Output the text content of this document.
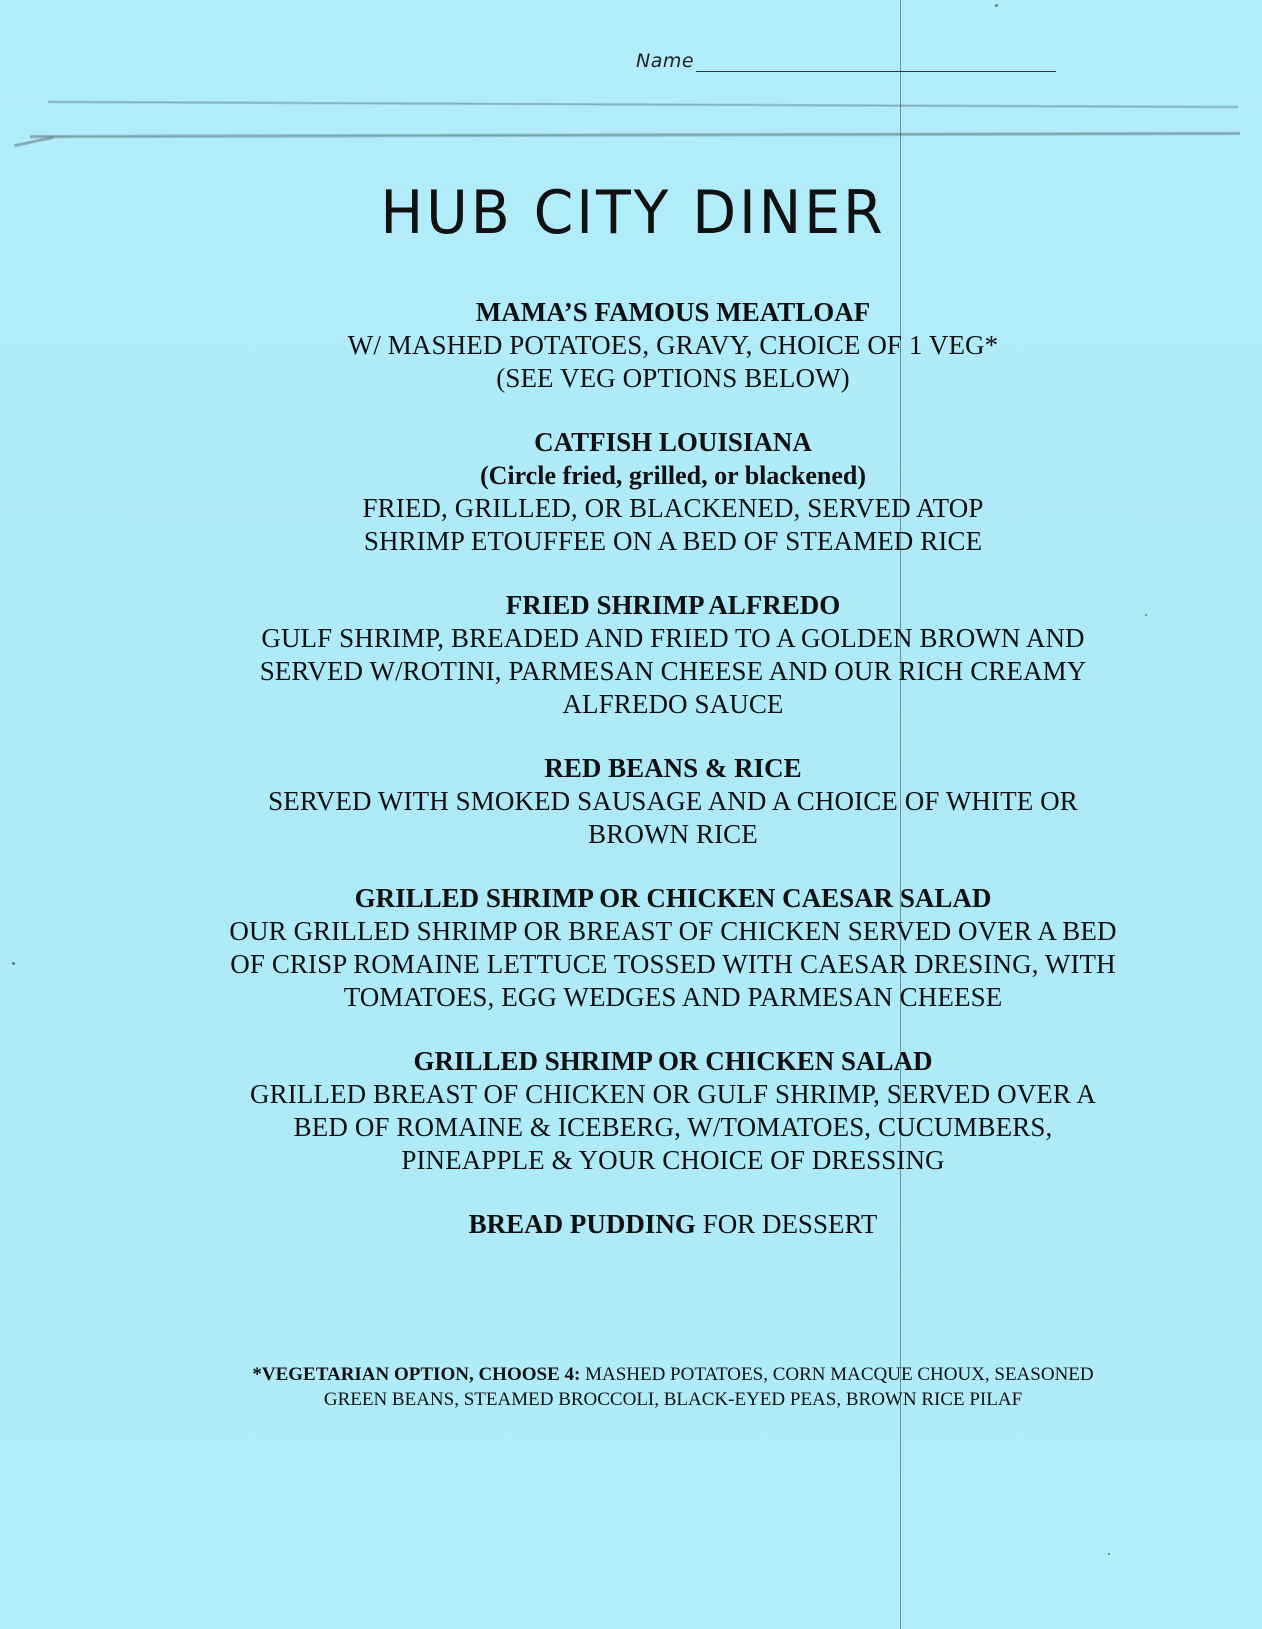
Name
HUB CITY DINER
MAMA’S FAMOUS MEATLOAF
W/ MASHED POTATOES, GRAVY, CHOICE OF 1 VEG*
(SEE VEG OPTIONS BELOW)
CATFISH LOUISIANA
(Circle fried, grilled, or blackened)
FRIED, GRILLED, OR BLACKENED, SERVED ATOP
SHRIMP ETOUFFEE ON A BED OF STEAMED RICE
FRIED SHRIMP ALFREDO
GULF SHRIMP, BREADED AND FRIED TO A GOLDEN BROWN AND
SERVED W/ROTINI, PARMESAN CHEESE AND OUR RICH CREAMY
ALFREDO SAUCE
RED BEANS & RICE
SERVED WITH SMOKED SAUSAGE AND A CHOICE OF WHITE OR
BROWN RICE
GRILLED SHRIMP OR CHICKEN CAESAR SALAD
OUR GRILLED SHRIMP OR BREAST OF CHICKEN SERVED OVER A BED
OF CRISP ROMAINE LETTUCE TOSSED WITH CAESAR DRESING, WITH
TOMATOES, EGG WEDGES AND PARMESAN CHEESE
GRILLED SHRIMP OR CHICKEN SALAD
GRILLED BREAST OF CHICKEN OR GULF SHRIMP, SERVED OVER A
BED OF ROMAINE & ICEBERG, W/TOMATOES, CUCUMBERS,
PINEAPPLE & YOUR CHOICE OF DRESSING
BREAD PUDDING FOR DESSERT
*VEGETARIAN OPTION, CHOOSE 4: MASHED POTATOES, CORN MACQUE CHOUX, SEASONED
GREEN BEANS, STEAMED BROCCOLI, BLACK-EYED PEAS, BROWN RICE PILAF
